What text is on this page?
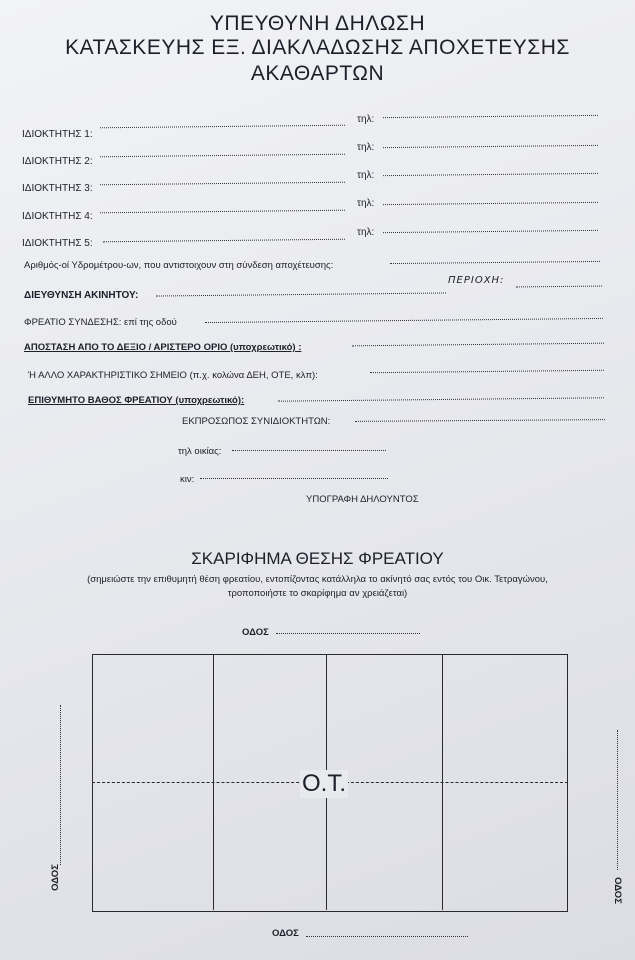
ΥΠΕΥΘΥΝΗ ΔΗΛΩΣΗ
ΚΑΤΑΣΚΕΥΗΣ ΕΞ. ΔΙΑΚΛΑΔΩΣΗΣ ΑΠΟΧΕΤΕΥΣΗΣ
ΑΚΑΘΑΡΤΩΝ
ΙΔΙΟΚΤΗΤΗΣ 1:
τηλ:
ΙΔΙΟΚΤΗΤΗΣ 2:
τηλ:
ΙΔΙΟΚΤΗΤΗΣ 3:
τηλ:
ΙΔΙΟΚΤΗΤΗΣ 4:
τηλ:
ΙΔΙΟΚΤΗΤΗΣ 5:
τηλ:
Αριθμός-οί Υδρομέτρου-ων, που αντιστοιχουν στη σύνδεση αποχέτευσης:
ΔΙΕΥΘΥΝΣΗ ΑΚΙΝΗΤΟΥ:
ΠΕΡΙΟΧΗ:
ΦΡΕΑΤΙΟ ΣΥΝΔΕΣΗΣ: επί της οδού
ΑΠΟΣΤΑΣΗ ΑΠΟ ΤΟ ΔΕΞΙΟ / ΑΡΙΣΤΕΡΟ ΟΡΙΟ (υποχρεωτικό) :
Ή ΑΛΛΟ ΧΑΡΑΚΤΗΡΙΣΤΙΚΟ ΣΗΜΕΙΟ (π.χ. κολώνα ΔΕΗ, ΟΤΕ, κλπ):
ΕΠΙΘΥΜΗΤΟ ΒΑΘΟΣ ΦΡΕΑΤΙΟΥ (υποχρεωτικό):
ΕΚΠΡΟΣΩΠΟΣ ΣΥΝΙΔΙΟΚΤΗΤΩΝ:
τηλ οικίας:
κιν:
ΥΠΟΓΡΑΦΗ ΔΗΛΟΥΝΤΟΣ
ΣΚΑΡΙΦΗΜΑ ΘΕΣΗΣ ΦΡΕΑΤΙΟΥ
(σημειώστε την επιθυμητή θέση φρεατίου, εντοπίζοντας κατάλληλα το ακίνητό σας εντός του Οικ. Τετραγώνου,
τροποποιήστε το σκαρίφημα αν χρειάζεται)
ΟΔΟΣ
Ο.Τ.
ΟΔΟΣ	ΟΔΟΣ
ΟΔΟΣ
